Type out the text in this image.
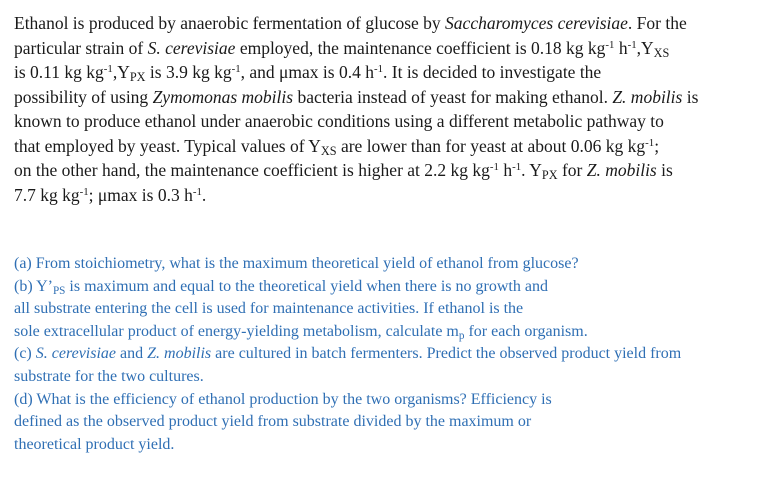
Ethanol is produced by anaerobic fermentation of glucose by Saccharomyces cerevisiae. For the
particular strain of S. cerevisiae employed, the maintenance coefficient is 0.18 kg $kg^{-1}$ $h^{-1},Y_{XS}$
is 0.11 kg $kg^{-1},Y_{PX}$ is 3.9 kg $kg^{-1}$, and μmax is 0.4 $h^{-1}$. It is decided to investigate the
possibility of using Zymomonas mobilis bacteria instead of yeast for making ethanol. Z. mobilis is
known to produce ethanol under anaerobic conditions using a different metabolic pathway to
that employed by yeast. Typical values of $Y_{XS}$ are lower than for yeast at about 0.06 kg $kg^{-1}$;
on the other hand, the maintenance coefficient is higher at 2.2 kg $kg^{-1}$ $h^{-1}$. $Y_{PX}$ for Z. mobilis is
7.7 kg $kg^{-1}$; μmax is 0.3 $h^{-1}$.
(a) From stoichiometry, what is the maximum theoretical yield of ethanol from glucose?
(b) $Y’_{PS}$ is maximum and equal to the theoretical yield when there is no growth and
all substrate entering the cell is used for maintenance activities. If ethanol is the
sole extracellular product of energy-yielding metabolism, calculate $m_p$ for each organism.
(c) S. cerevisiae and Z. mobilis are cultured in batch fermenters. Predict the observed product yield from
substrate for the two cultures.
(d) What is the efficiency of ethanol production by the two organisms? Efficiency is
defined as the observed product yield from substrate divided by the maximum or
theoretical product yield.
